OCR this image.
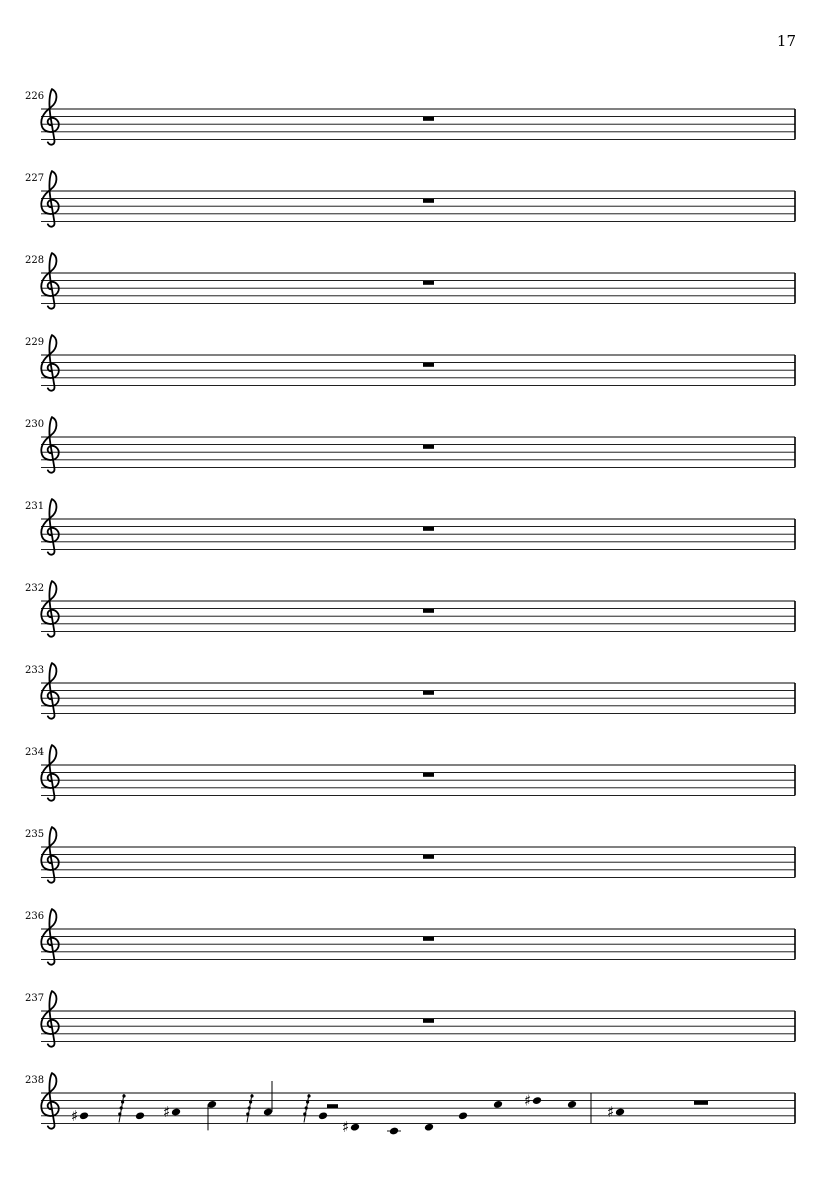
17
226
227
228
229
230
231
232
233
234
235
236
237
238
♯	♯
♯
♯
♯
